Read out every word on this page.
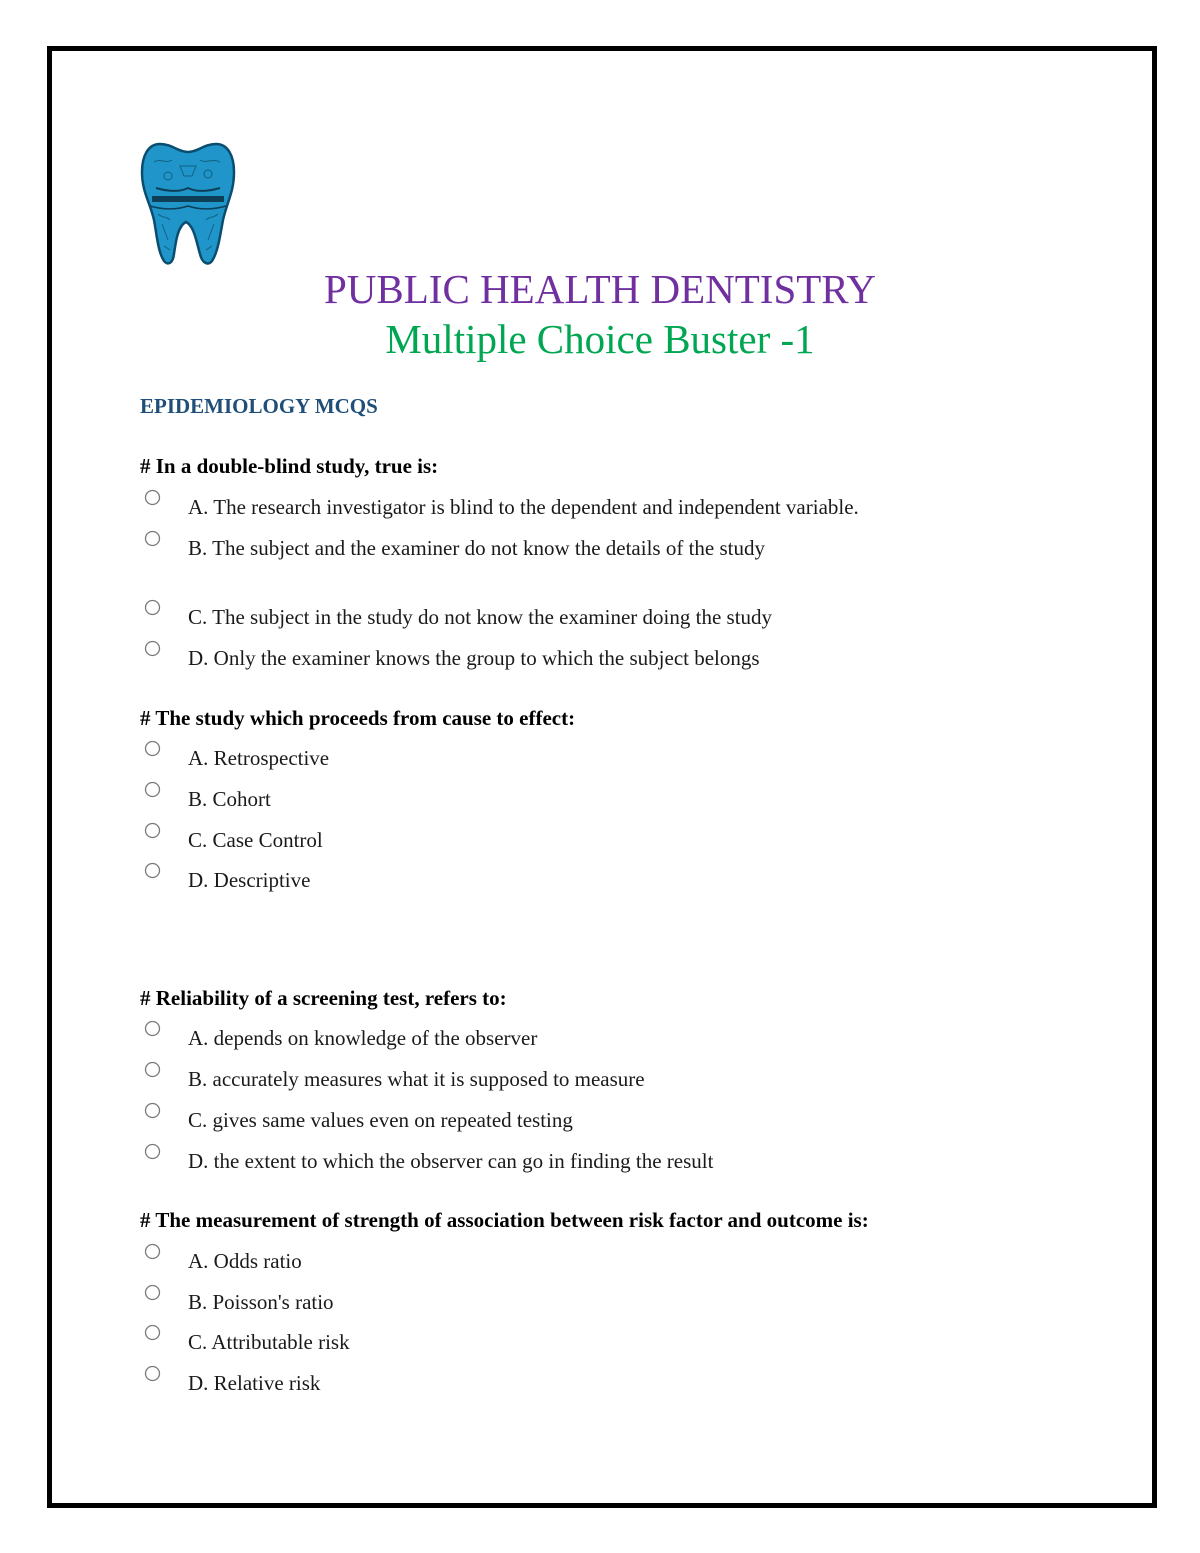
PUBLIC HEALTH DENTISTRY
Multiple Choice Buster -1
EPIDEMIOLOGY MCQS
# In a double-blind study, true is:
A. The research investigator is blind to the dependent and independent variable.
B. The subject and the examiner do not know the details of the study
C. The subject in the study do not know the examiner doing the study
D. Only the examiner knows the group to which the subject belongs
# The study which proceeds from cause to effect:
A. Retrospective
B. Cohort
C. Case Control
D. Descriptive
# Reliability of a screening test, refers to:
A. depends on knowledge of the observer
B. accurately measures what it is supposed to measure
C. gives same values even on repeated testing
D. the extent to which the observer can go in finding the result
# The measurement of strength of association between risk factor and outcome is:
A. Odds ratio
B. Poisson's ratio
C. Attributable risk
D. Relative risk
